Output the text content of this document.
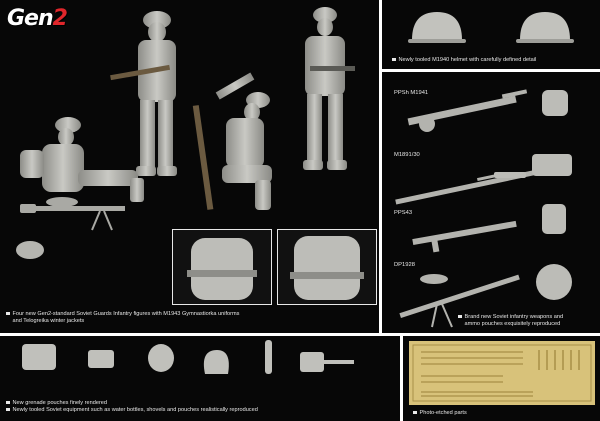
Gen2
Four new Gen2-standard Soviet Guards Infantry figures with M1943 Gymnastiorka uniforms
and Telogreika winter jackets
Newly tooled M1940 helmet with carefully defined detail
PPSh M1941
M1891/30
PPS43
DP1928
Brand new Soviet infantry weapons and
ammo pouches exquisitely reproduced
New grenade pouches finely rendered
Newly tooled Soviet equipment such as water bottles, shovels and pouches realistically reproduced	Photo-etched parts
